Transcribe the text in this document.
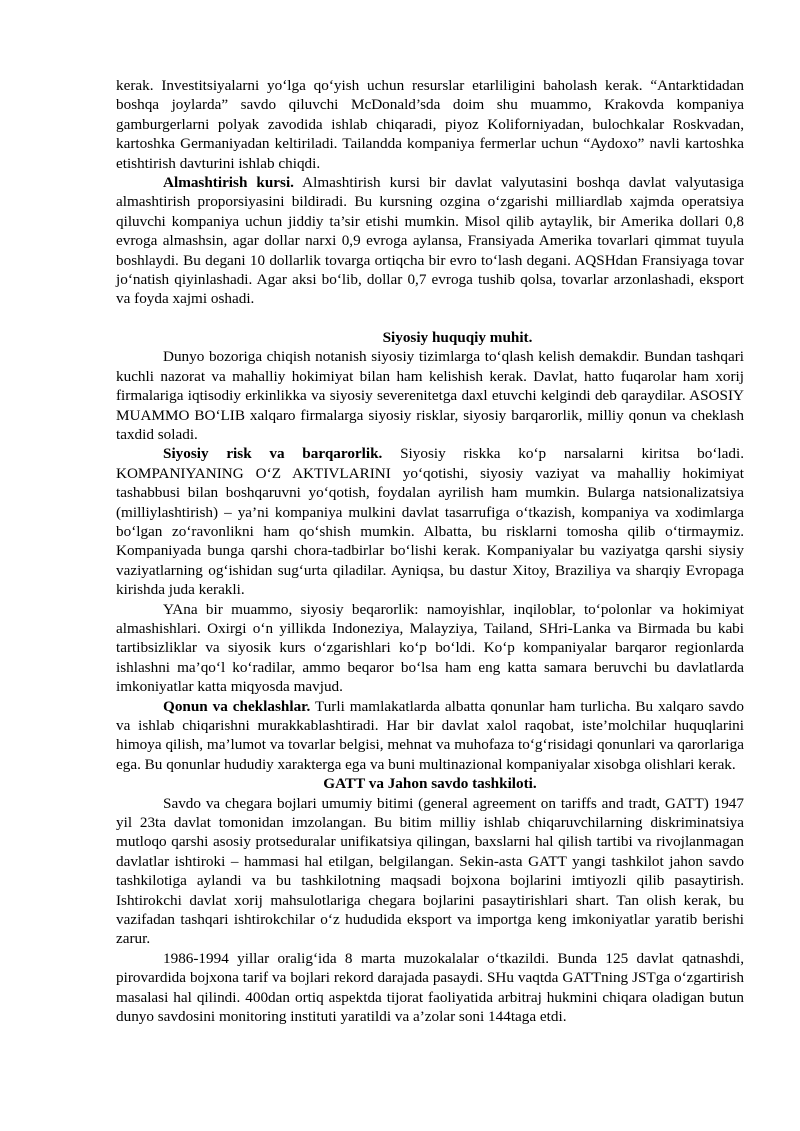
kerak. Investitsiyalarni yo‘lga qo‘yish uchun resurslar etarliligini baholash kerak. “Antarktidadan boshqa joylarda” savdo qiluvchi McDonald’sda doim shu muammo, Krakovda kompaniya gamburgerlarni polyak zavodida ishlab chiqaradi, piyoz Koliforniyadan, bulochkalar Roskvadan, kartoshka Germaniyadan keltiriladi. Tailandda kompaniya fermerlar uchun “Aydoxo” navli kartoshka etishtirish davturini ishlab chiqdi.

Almashtirish kursi. Almashtirish kursi bir davlat valyutasini boshqa davlat valyutasiga almashtirish proporsiyasini bildiradi. Bu kursning ozgina o‘zgarishi milliardlab xajmda operatsiya qiluvchi kompaniya uchun jiddiy ta’sir etishi mumkin. Misol qilib aytaylik, bir Amerika dollari 0,8 evroga almashsin, agar dollar narxi 0,9 evroga aylansa, Fransiyada Amerika tovarlari qimmat tuyula boshlaydi. Bu degani 10 dollarlik tovarga ortiqcha bir evro to‘lash degani. AQSHdan Fransiyaga tovar jo‘natish qiyinlashadi. Agar aksi bo‘lib, dollar 0,7 evroga tushib qolsa, tovarlar arzonlashadi, eksport va foyda xajmi oshadi.

Siyosiy huquqiy muhit.

Dunyo bozoriga chiqish notanish siyosiy tizimlarga to‘qlash kelish demakdir. Bundan tashqari kuchli nazorat va mahalliy hokimiyat bilan ham kelishish kerak. Davlat, hatto fuqarolar ham xorij firmalariga iqtisodiy erkinlikka va siyosiy severenitetga daxl etuvchi kelgindi deb qaraydilar. ASOSIY MUAMMO BO‘LIB xalqaro firmalarga siyosiy risklar, siyosiy barqarorlik, milliy qonun va cheklash taxdid soladi.

Siyosiy risk va barqarorlik. Siyosiy riskka ko‘p narsalarni kiritsa bo‘ladi. KOMPANIYANING O‘Z AKTIVLARINI yo‘qotishi, siyosiy vaziyat va mahalliy hokimiyat tashabbusi bilan boshqaruvni yo‘qotish, foydalan ayrilish ham mumkin. Bularga natsionalizatsiya (milliylashtirish) – ya’ni kompaniya mulkini davlat tasarrufiga o‘tkazish, kompaniya va xodimlarga bo‘lgan zo‘ravonlikni ham qo‘shish mumkin. Albatta, bu risklarni tomosha qilib o‘tirmaymiz. Kompaniyada bunga qarshi chora-tadbirlar bo‘lishi kerak. Kompaniyalar bu vaziyatga qarshi siysiy vaziyatlarning og‘ishidan sug‘urta qiladilar. Ayniqsa, bu dastur Xitoy, Braziliya va sharqiy Evropaga kirishda juda kerakli.

YAna bir muammo, siyosiy beqarorlik: namoyishlar, inqiloblar, to‘polonlar va hokimiyat almashishlari. Oxirgi o‘n yillikda Indoneziya, Malayziya, Tailand, SHri-Lanka va Birmada bu kabi tartibsizliklar va siyosik kurs o‘zgarishlari ko‘p bo‘ldi. Ko‘p kompaniyalar barqaror regionlarda ishlashni ma’qo‘l ko‘radilar, ammo beqaror bo‘lsa ham eng katta samara beruvchi bu davlatlarda imkoniyatlar katta miqyosda mavjud.

Qonun va cheklashlar. Turli mamlakatlarda albatta qonunlar ham turlicha. Bu xalqaro savdo va ishlab chiqarishni murakkablashtiradi. Har bir davlat xalol raqobat, iste’molchilar huquqlarini himoya qilish, ma’lumot va tovarlar belgisi, mehnat va muhofaza to‘g‘risidagi qonunlari va qarorlariga ega. Bu qonunlar hududiy xarakterga ega va buni multinazional kompaniyalar xisobga olishlari kerak.

GATT va Jahon savdo tashkiloti.

Savdo va chegara bojlari umumiy bitimi (general agreement on tariffs and tradt, GATT) 1947 yil 23ta davlat tomonidan imzolangan. Bu bitim milliy ishlab chiqaruvchilarning diskriminatsiya mutloqo qarshi asosiy protseduralar unifikatsiya qilingan, baxslarni hal qilish tartibi va rivojlanmagan davlatlar ishtiroki – hammasi hal etilgan, belgilangan. Sekin-asta GATT yangi tashkilot jahon savdo tashkilotiga aylandi va bu tashkilotning maqsadi bojxona bojlarini imtiyozli qilib pasaytirish. Ishtirokchi davlat xorij mahsulotlariga chegara bojlarini pasaytirishlari shart. Tan olish kerak, bu vazifadan tashqari ishtirokchilar o‘z hududida eksport va importga keng imkoniyatlar yaratib berishi zarur.

1986-1994 yillar oralig‘ida 8 marta muzokalalar o‘tkazildi. Bunda 125 davlat qatnashdi, pirovardida bojxona tarif va bojlari rekord darajada pasaydi. SHu vaqtda GATTning JSTga o‘zgartirish masalasi hal qilindi. 400dan ortiq aspektda tijorat faoliyatida arbitraj hukmini chiqara oladigan butun dunyo savdosini monitoring instituti yaratildi va a’zolar soni 144taga etdi.
